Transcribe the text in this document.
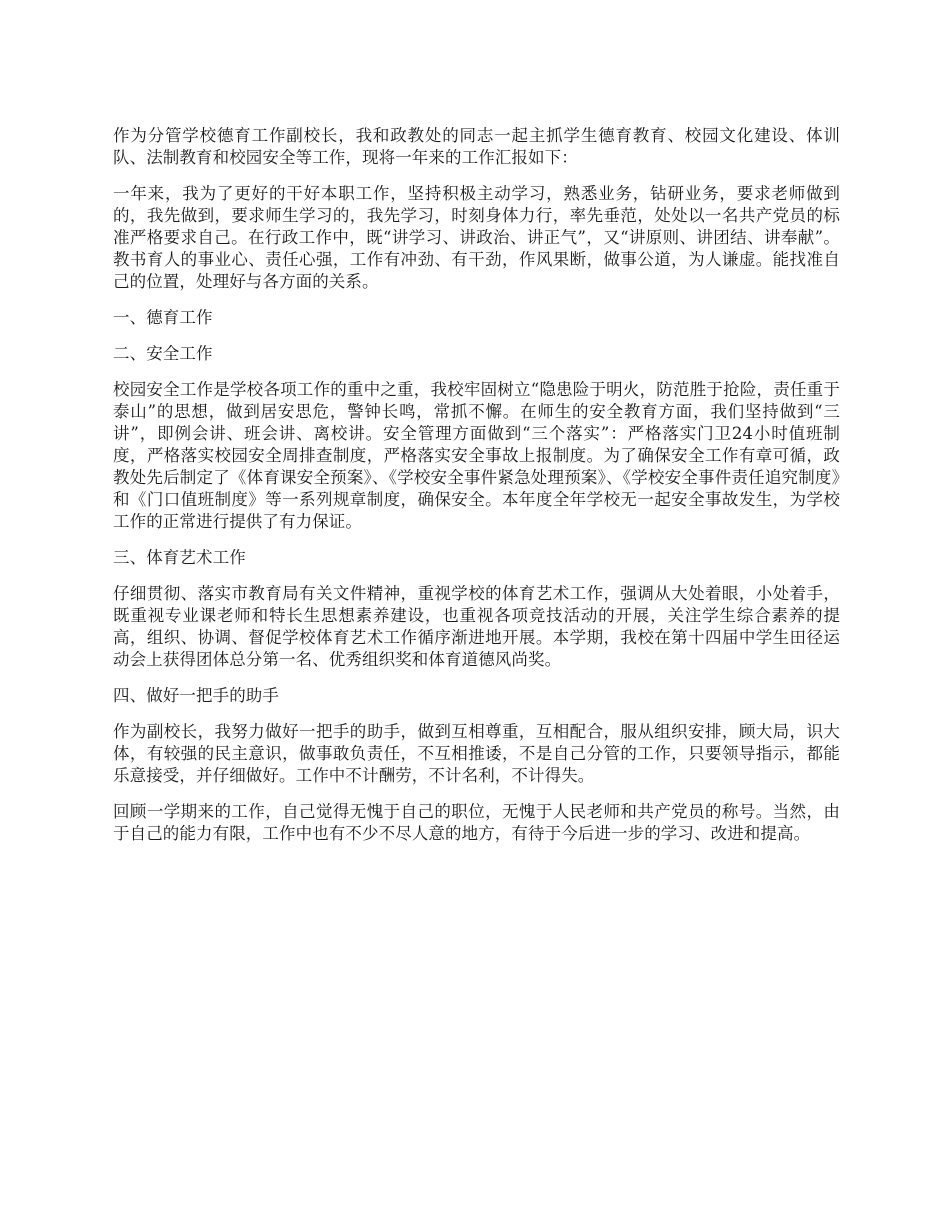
作为分管学校德育工作副校长，我和政教处的同志一起主抓学生德育教育、校园文化建设、体训队、法制教育和校园安全等工作，现将一年来的工作汇报如下：

一年来，我为了更好的干好本职工作，坚持积极主动学习，熟悉业务，钻研业务，要求老师做到的，我先做到，要求师生学习的，我先学习，时刻身体力行，率先垂范，处处以一名共产党员的标准严格要求自己。在行政工作中，既“讲学习、讲政治、讲正气”，又“讲原则、讲团结、讲奉献”。教书育人的事业心、责任心强，工作有冲劲、有干劲，作风果断，做事公道，为人谦虚。能找准自己的位置，处理好与各方面的关系。

一、德育工作

二、安全工作

校园安全工作是学校各项工作的重中之重，我校牢固树立“隐患险于明火，防范胜于抢险，责任重于泰山”的思想，做到居安思危，警钟长鸣，常抓不懈。在师生的安全教育方面，我们坚持做到“三讲”，即例会讲、班会讲、离校讲。安全管理方面做到“三个落实”：严格落实门卫24小时值班制度，严格落实校园安全周排查制度，严格落实安全事故上报制度。为了确保安全工作有章可循，政教处先后制定了《体育课安全预案》、《学校安全事件紧急处理预案》、《学校安全事件责任追究制度》和《门口值班制度》等一系列规章制度，确保安全。本年度全年学校无一起安全事故发生，为学校工作的正常进行提供了有力保证。

三、体育艺术工作

仔细贯彻、落实市教育局有关文件精神，重视学校的体育艺术工作，强调从大处着眼，小处着手，既重视专业课老师和特长生思想素养建设，也重视各项竞技活动的开展，关注学生综合素养的提高，组织、协调、督促学校体育艺术工作循序渐进地开展。本学期，我校在第十四届中学生田径运动会上获得团体总分第一名、优秀组织奖和体育道德风尚奖。

四、做好一把手的助手

作为副校长，我努力做好一把手的助手，做到互相尊重，互相配合，服从组织安排，顾大局，识大体，有较强的民主意识，做事敢负责任，不互相推诿，不是自己分管的工作，只要领导指示，都能乐意接受，并仔细做好。工作中不计酬劳，不计名利，不计得失。

回顾一学期来的工作，自己觉得无愧于自己的职位，无愧于人民老师和共产党员的称号。当然，由于自己的能力有限，工作中也有不少不尽人意的地方，有待于今后进一步的学习、改进和提高。
